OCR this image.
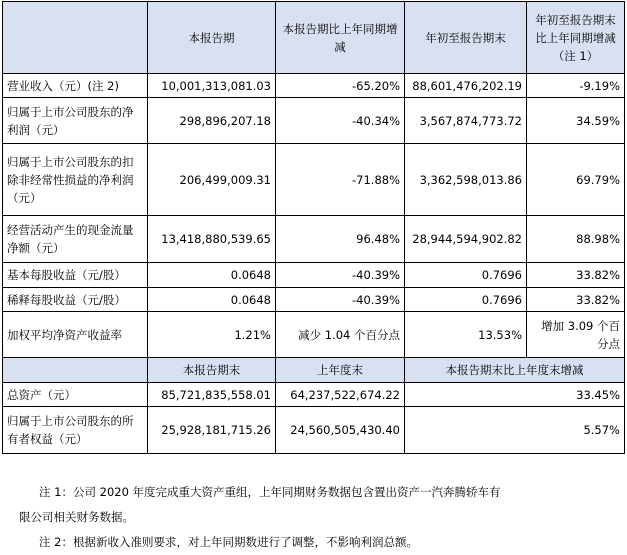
	本报告期	本报告期比上年同期增减	年初至报告期末	年初至报告期末比上年同期增减（注 1）
营业收入（元）(注 2)	10,001,313,081.03	-65.20%	88,601,476,202.19	-9.19%
归属于上市公司股东的净利润（元）	298,896,207.18	-40.34%	3,567,874,773.72	34.59%
归属于上市公司股东的扣除非经常性损益的净利润（元）	206,499,009.31	-71.88%	3,362,598,013.86	69.79%
经营活动产生的现金流量净额（元）	13,418,880,539.65	96.48%	28,944,594,902.82	88.98%
基本每股收益（元/股）	0.0648	-40.39%	0.7696	33.82%
稀释每股收益（元/股）	0.0648	-40.39%	0.7696	33.82%
加权平均净资产收益率	1.21%	减少 1.04 个百分点	13.53%	增加 3.09 个百分点
	本报告期末	上年度末	本报告期末比上年度末增减	
总资产（元）	85,721,835,558.01	64,237,522,674.22	33.45%	
归属于上市公司股东的所有者权益（元）	25,928,181,715.26	24,560,505,430.40	5.57%	

注 1：公司 2020 年度完成重大资产重组，上年同期财务数据包含置出资产一汽奔腾轿车有

限公司相关财务数据。

注 2：根据新收入准则要求，对上年同期数进行了调整，不影响利润总额。
